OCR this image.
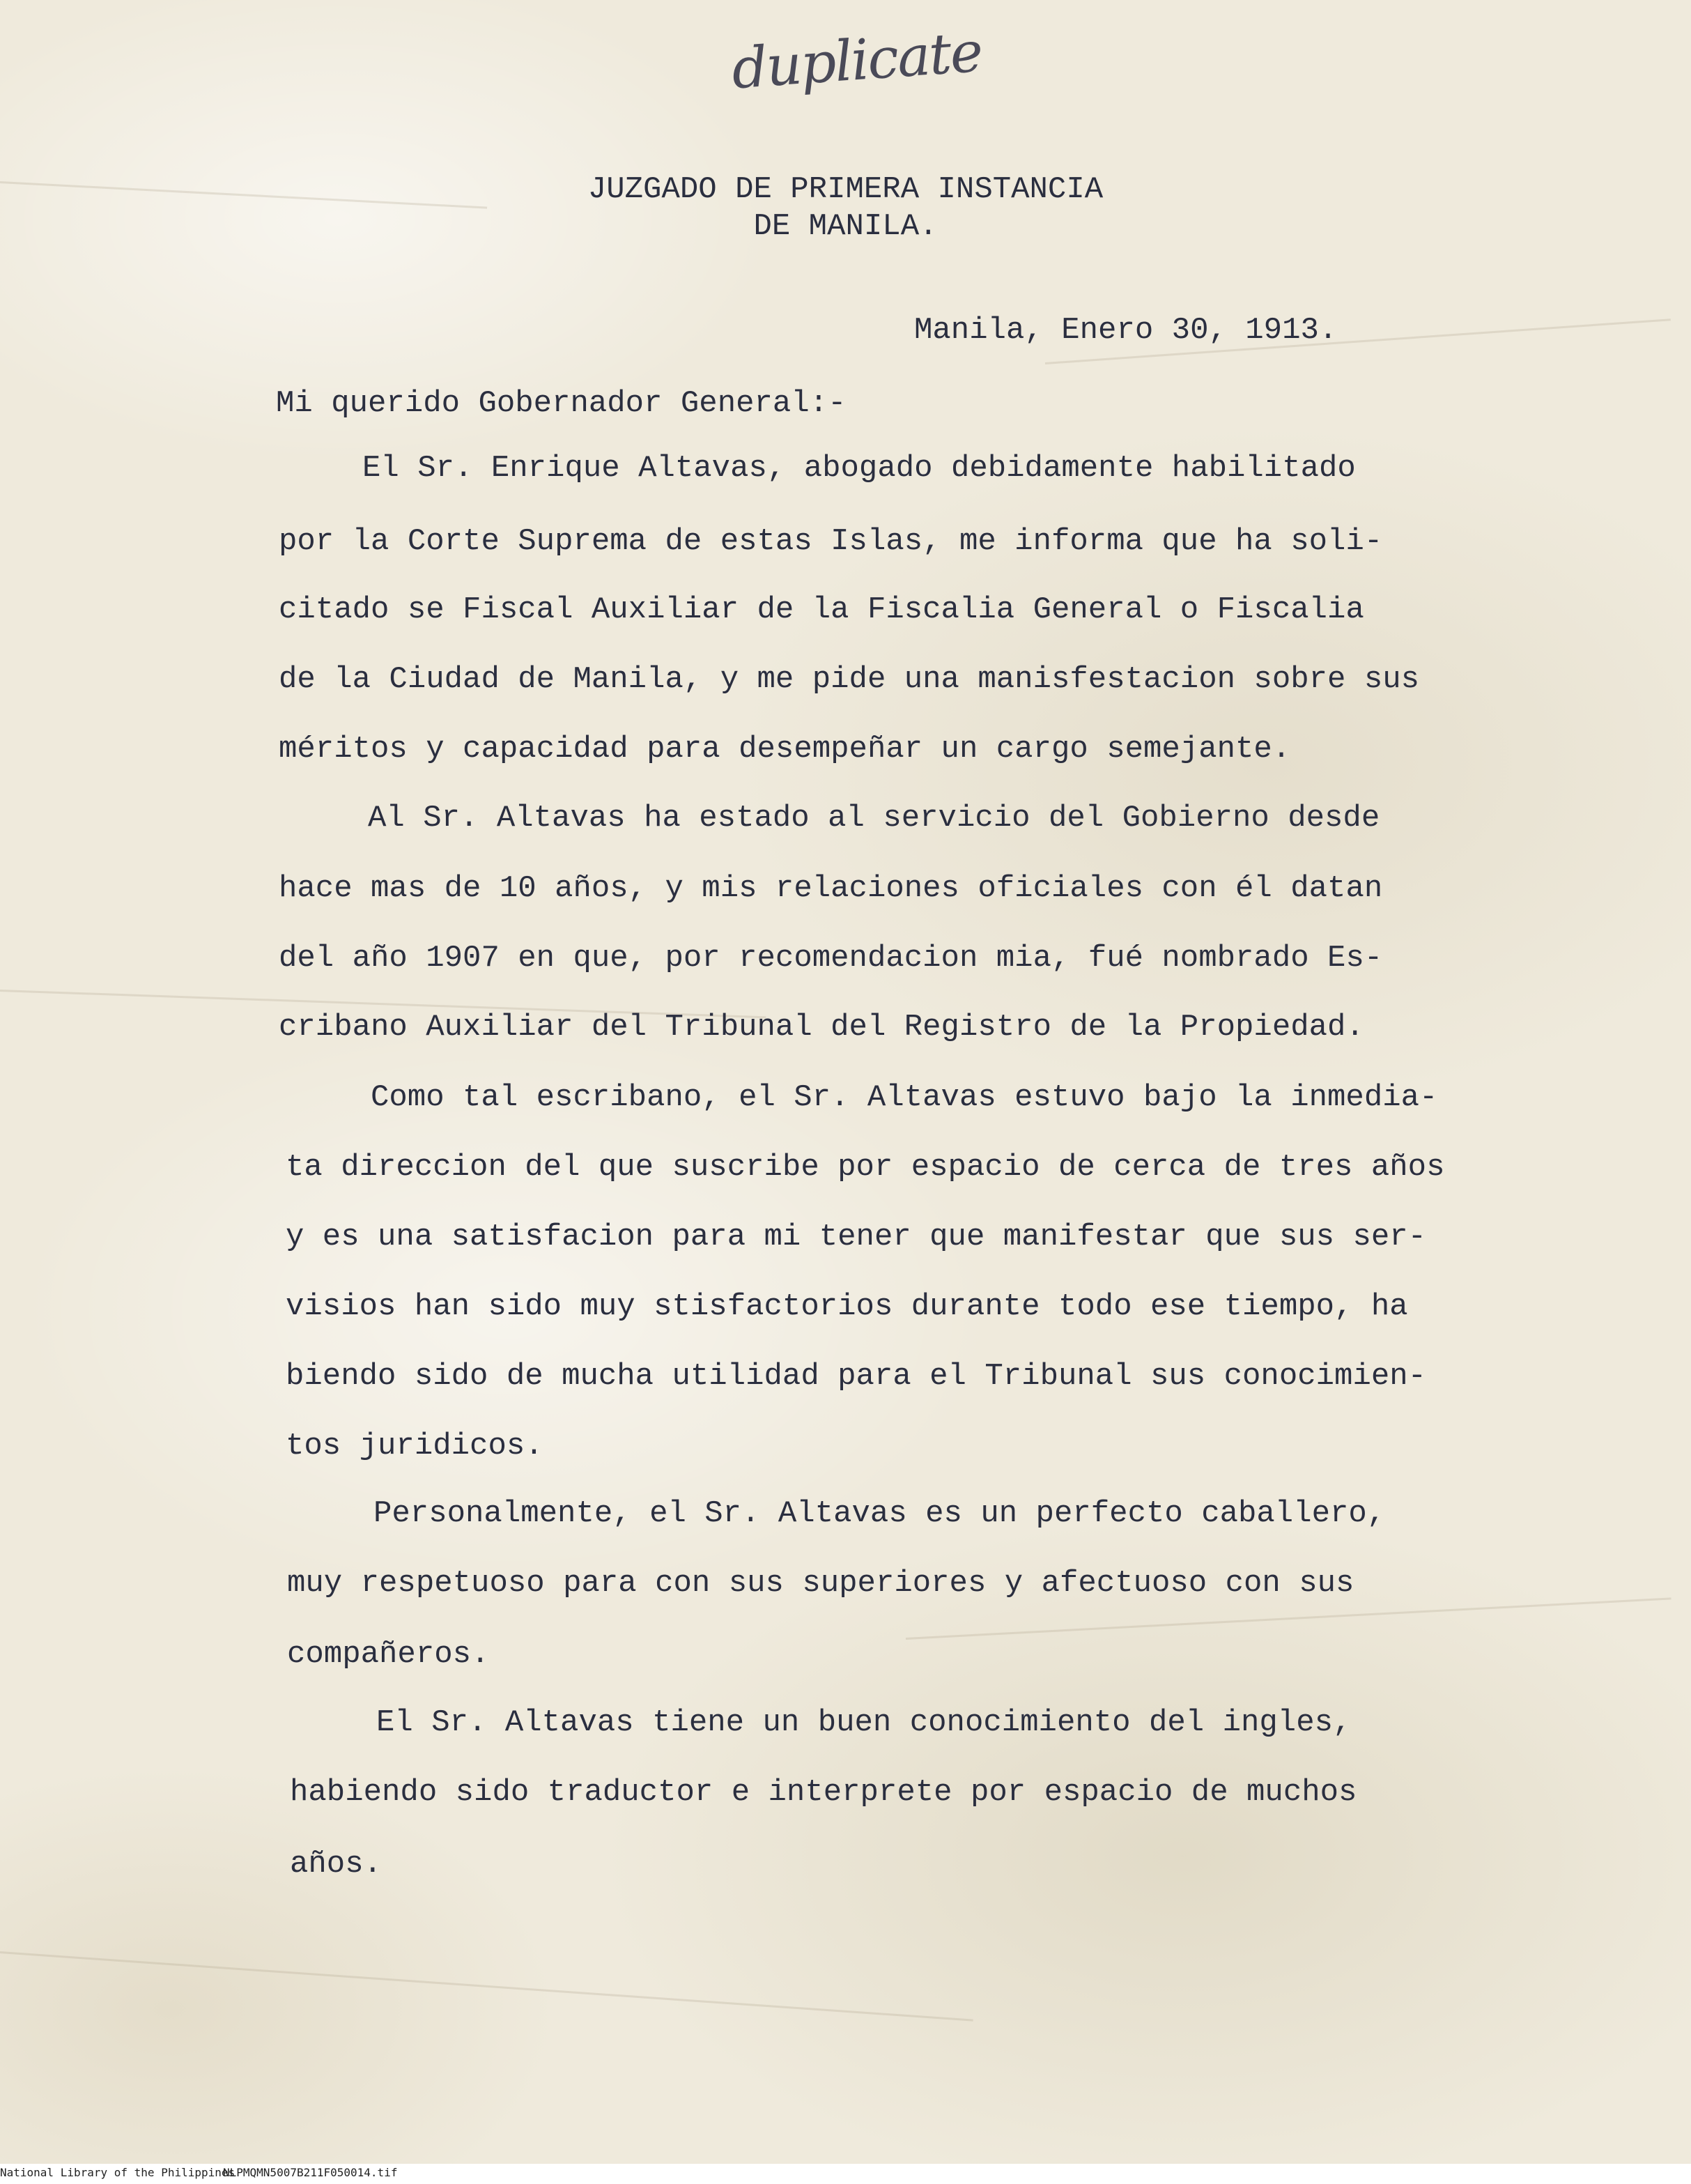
duplicate
JUZGADO DE PRIMERA INSTANCIA
DE MANILA.
Manila, Enero 30, 1913.
Mi querido Gobernador General:-
El Sr. Enrique Altavas, abogado debidamente habilitado
por la Corte Suprema de estas Islas, me informa que ha soli-
citado se Fiscal Auxiliar de la Fiscalia General o Fiscalia
de la Ciudad de Manila, y me pide una manisfestacion sobre sus
méritos y capacidad para desempeñar un cargo semejante.
Al Sr. Altavas ha estado al servicio del Gobierno desde
hace mas de 10 años, y mis relaciones oficiales con él datan
del año 1907 en que, por recomendacion mia, fué nombrado Es-
cribano Auxiliar del Tribunal del Registro de la Propiedad.
Como tal escribano, el Sr. Altavas estuvo bajo la inmedia-
ta direccion del que suscribe por espacio de cerca de tres años
y es una satisfacion para mi tener que manifestar que sus ser-
visios han sido muy stisfactorios durante todo ese tiempo, ha
biendo sido de mucha utilidad para el Tribunal sus conocimien-
tos juridicos.
Personalmente, el Sr. Altavas es un perfecto caballero,
muy respetuoso para con sus superiores y afectuoso con sus
compañeros.
El Sr. Altavas tiene un buen conocimiento del ingles,
habiendo sido traductor e interprete por espacio de muchos
años.
National Library of the Philippines
NLPMQMN5007B211F050014.tif
